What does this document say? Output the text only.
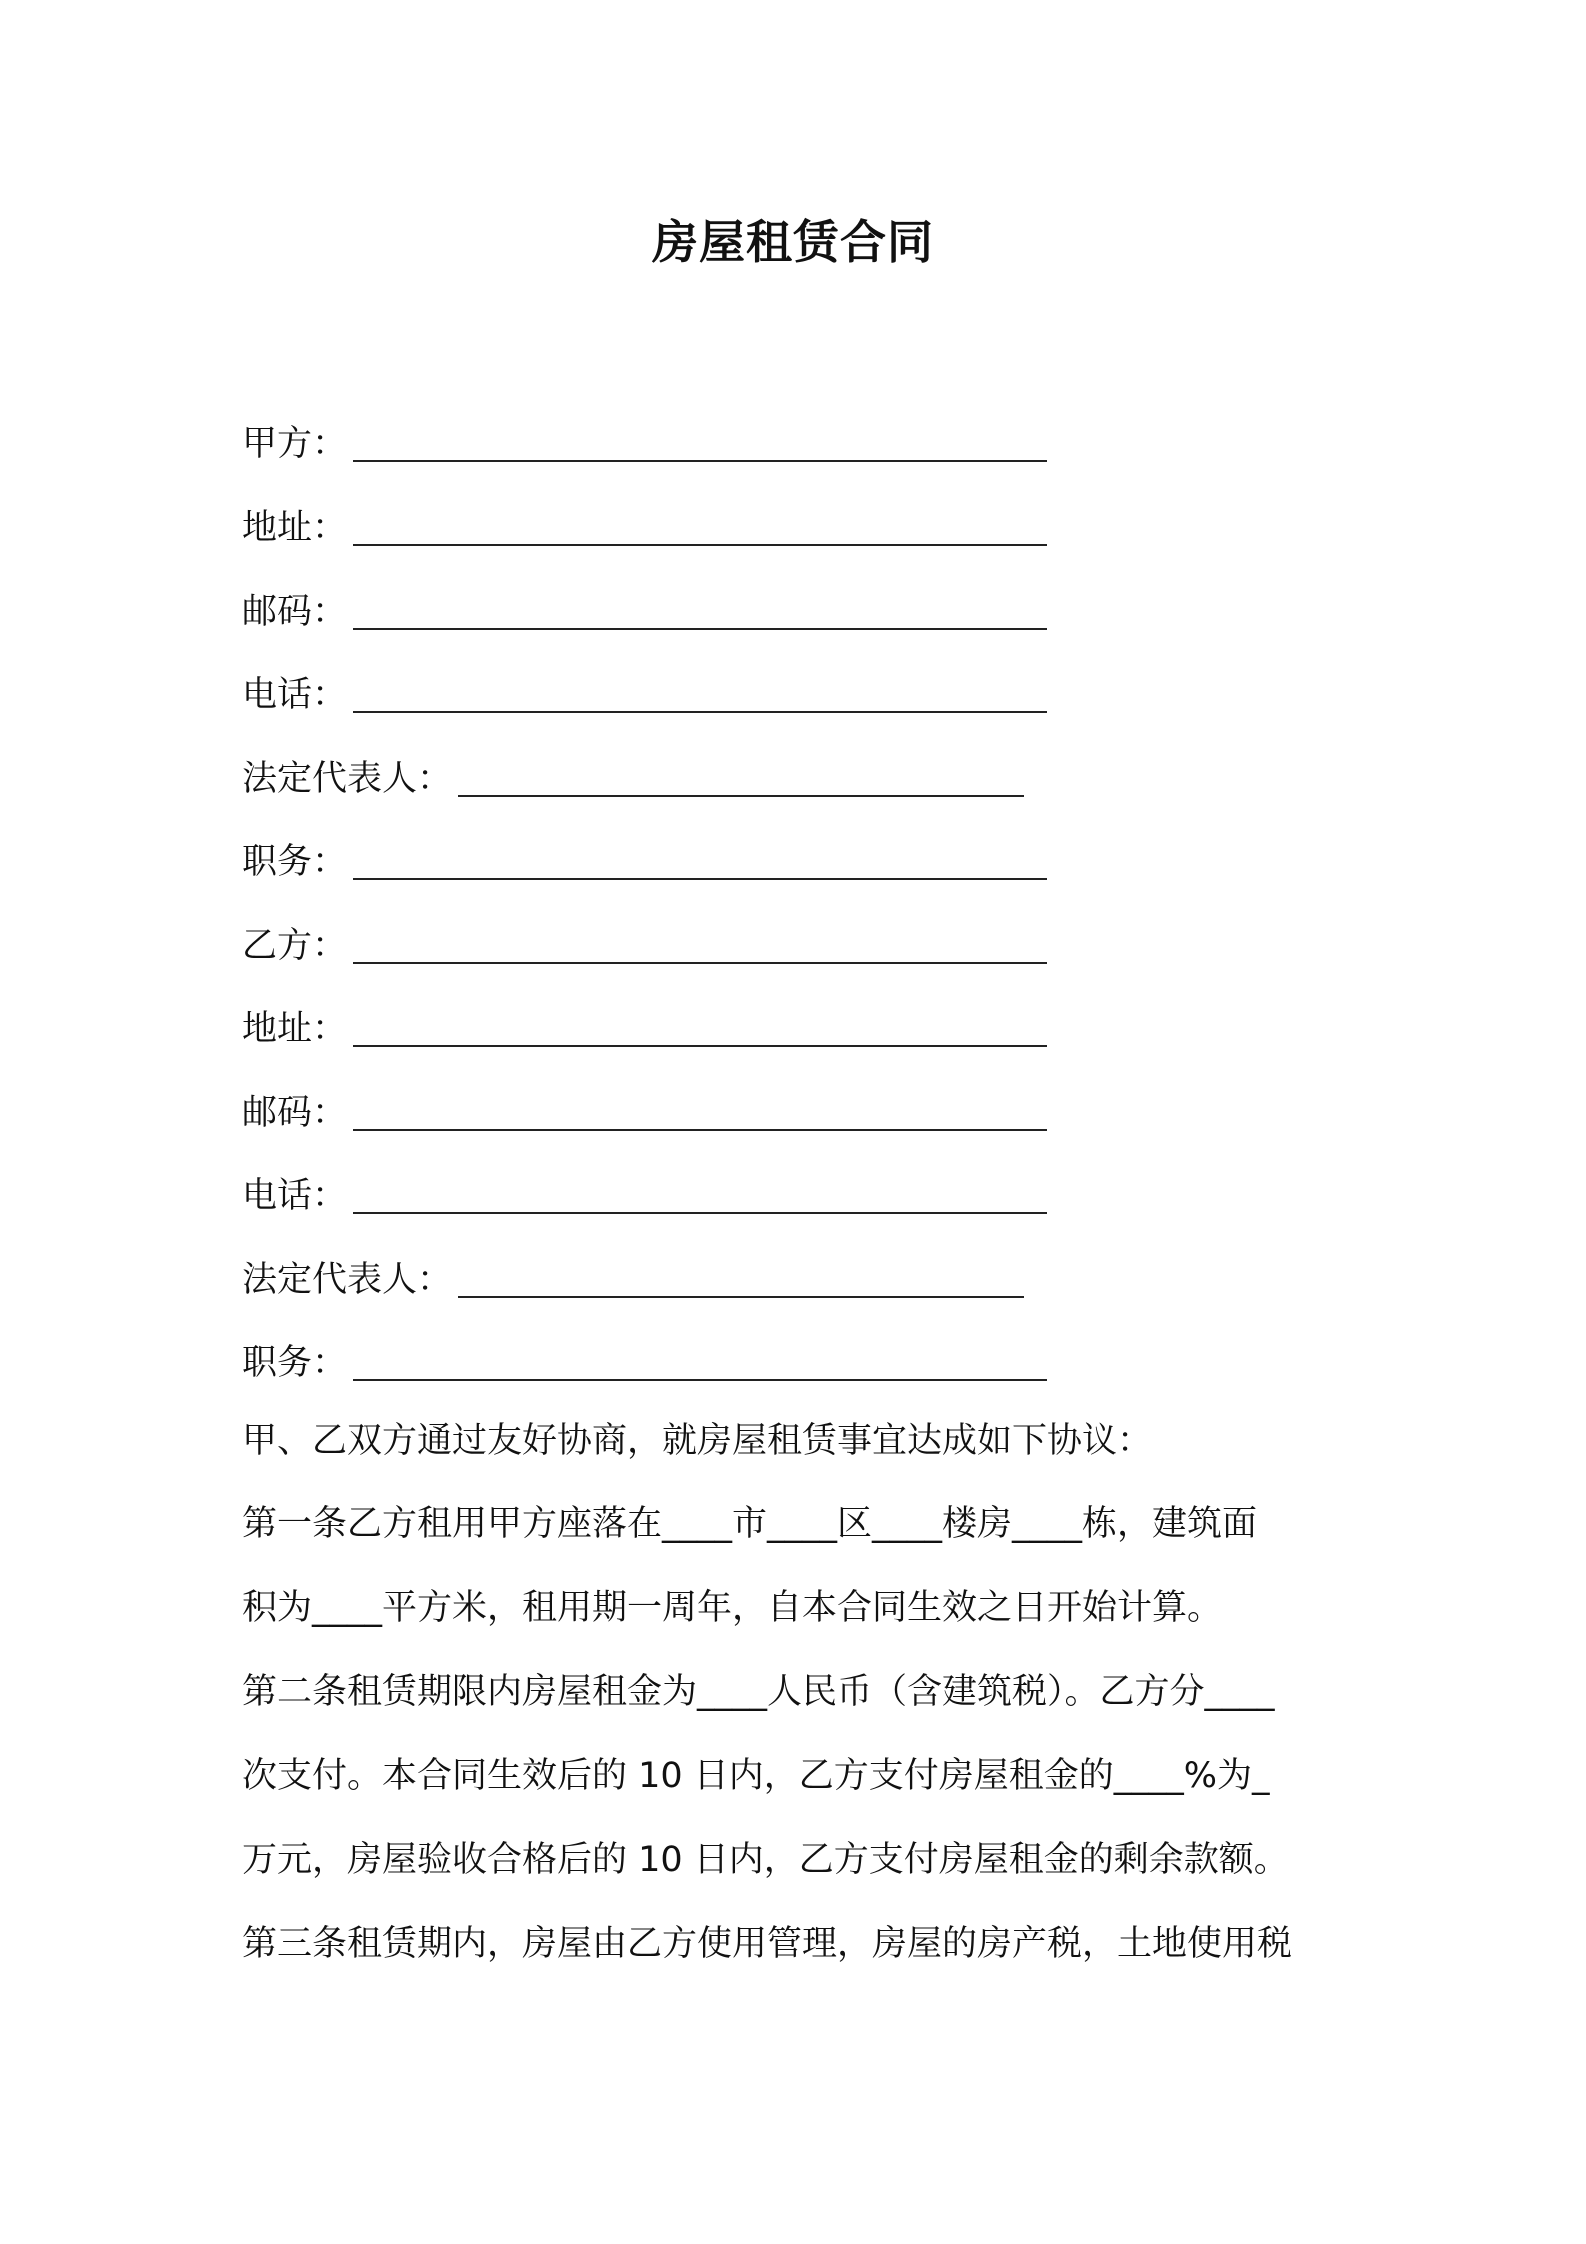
房屋租赁合同
甲方：
地址：
邮码：
电话：
法定代表人：
职务：
乙方：
地址：
邮码：
电话：
法定代表人：
职务：
甲、乙双方通过友好协商，就房屋租赁事宜达成如下协议：
第一条乙方租用甲方座落在____市____区____楼房____栋，建筑面
积为____平方米，租用期一周年，自本合同生效之日开始计算。
第二条租赁期限内房屋租金为____人民币（含建筑税）。乙方分____
次支付。本合同生效后的 10 日内，乙方支付房屋租金的____%为_
万元，房屋验收合格后的 10 日内，乙方支付房屋租金的剩余款额。
第三条租赁期内，房屋由乙方使用管理，房屋的房产税，土地使用税
